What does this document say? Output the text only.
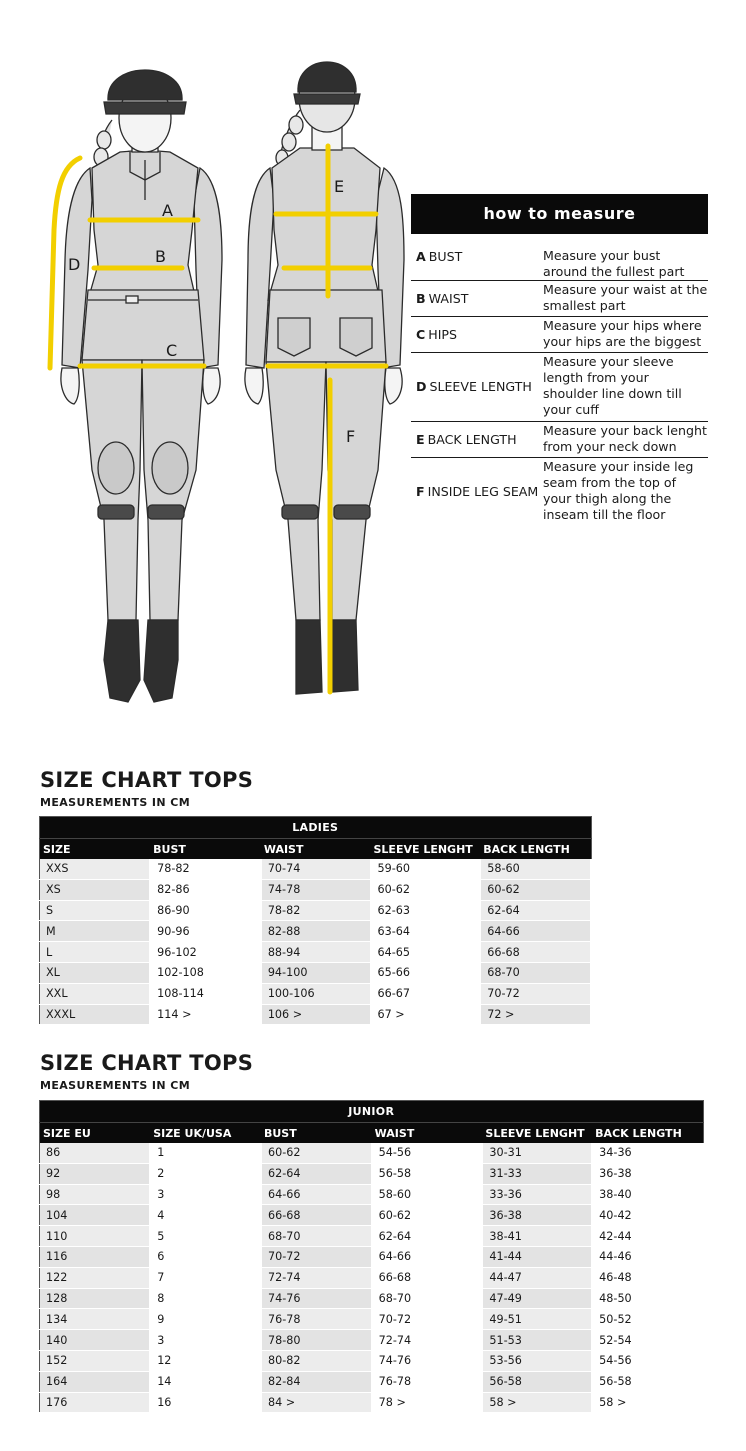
A
B
C
D
E
F
how to measure
A BUST	Measure your bust around the fullest part
B WAIST
Measure your waist at the smallest part
C HIPS
Measure your hips where your hips are the biggest
D SLEEVE LENGTH
Measure your sleeve length from your shoulder line down till your cuff
E BACK LENGTH
Measure your back lenght from your neck down
F INSIDE LEG SEAM
Measure your inside leg seam from the top of your thigh along the inseam till the floor
SIZE CHART TOPS
MEASUREMENTS IN CM
LADIES				
SIZE	BUST	WAIST	SLEEVE LENGHT	BACK LENGTH
XXS	78-82	70-74	59-60	58-60
XS	82-86	74-78	60-62	60-62
S	86-90	78-82	62-63	62-64
M	90-96	82-88	63-64	64-66
L	96-102	88-94	64-65	66-68
XL	102-108	94-100	65-66	68-70
XXL	108-114	100-106	66-67	70-72
XXXL	114 >	106 >	67 >	72 >
SIZE CHART TOPS
MEASUREMENTS IN CM
JUNIOR					
SIZE EU	SIZE UK/USA	BUST	WAIST	SLEEVE LENGHT	BACK LENGTH
86	1	60-62	54-56	30-31	34-36
92	2	62-64	56-58	31-33	36-38
98	3	64-66	58-60	33-36	38-40
104	4	66-68	60-62	36-38	40-42
110	5	68-70	62-64	38-41	42-44
116	6	70-72	64-66	41-44	44-46
122	7	72-74	66-68	44-47	46-48
128	8	74-76	68-70	47-49	48-50
134	9	76-78	70-72	49-51	50-52
140	3	78-80	72-74	51-53	52-54
152	12	80-82	74-76	53-56	54-56
164	14	82-84	76-78	56-58	56-58
176	16	84 >	78 >	58 >	58 >
